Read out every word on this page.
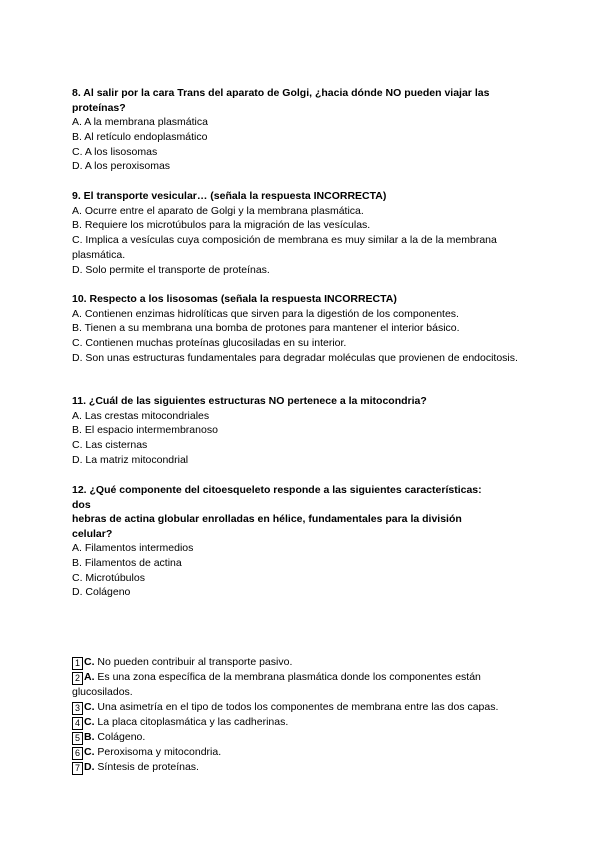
8. Al salir por la cara Trans del aparato de Golgi, ¿hacia dónde NO pueden viajar las proteínas?

A. A la membrana plasmática

B. Al retículo endoplasmático

C. A los lisosomas

D. A los peroxisomas

9. El transporte vesicular… (señala la respuesta INCORRECTA)

A. Ocurre entre el aparato de Golgi y la membrana plasmática.

B. Requiere los microtúbulos para la migración de las vesículas.

C. Implica a vesículas cuya composición de membrana es muy similar a la de la membrana plasmática.

D. Solo permite el transporte de proteínas.

10. Respecto a los lisosomas (señala la respuesta INCORRECTA)

A. Contienen enzimas hidrolíticas que sirven para la digestión de los componentes.

B. Tienen a su membrana una bomba de protones para mantener el interior básico.

C. Contienen muchas proteínas glucosiladas en su interior.

D. Son unas estructuras fundamentales para degradar moléculas que provienen de endocitosis.

11. ¿Cuál de las siguientes estructuras NO pertenece a la mitocondria?

A. Las crestas mitocondriales

B. El espacio intermembranoso

C. Las cisternas

D. La matriz mitocondrial

12. ¿Qué componente del citoesqueleto responde a las siguientes características:

dos

hebras de actina globular enrolladas en hélice, fundamentales para la división

celular?

A. Filamentos intermedios

B. Filamentos de actina

C. Microtúbulos

D. Colágeno

1 C. No pueden contribuir al transporte pasivo.

2 A. Es una zona específica de la membrana plasmática donde los componentes están glucosilados.

3 C. Una asimetría en el tipo de todos los componentes de membrana entre las dos capas.

4 C. La placa citoplasmática y las cadherinas.

5 B. Colágeno.

6 C. Peroxisoma y mitocondria.

7 D. Síntesis de proteínas.
